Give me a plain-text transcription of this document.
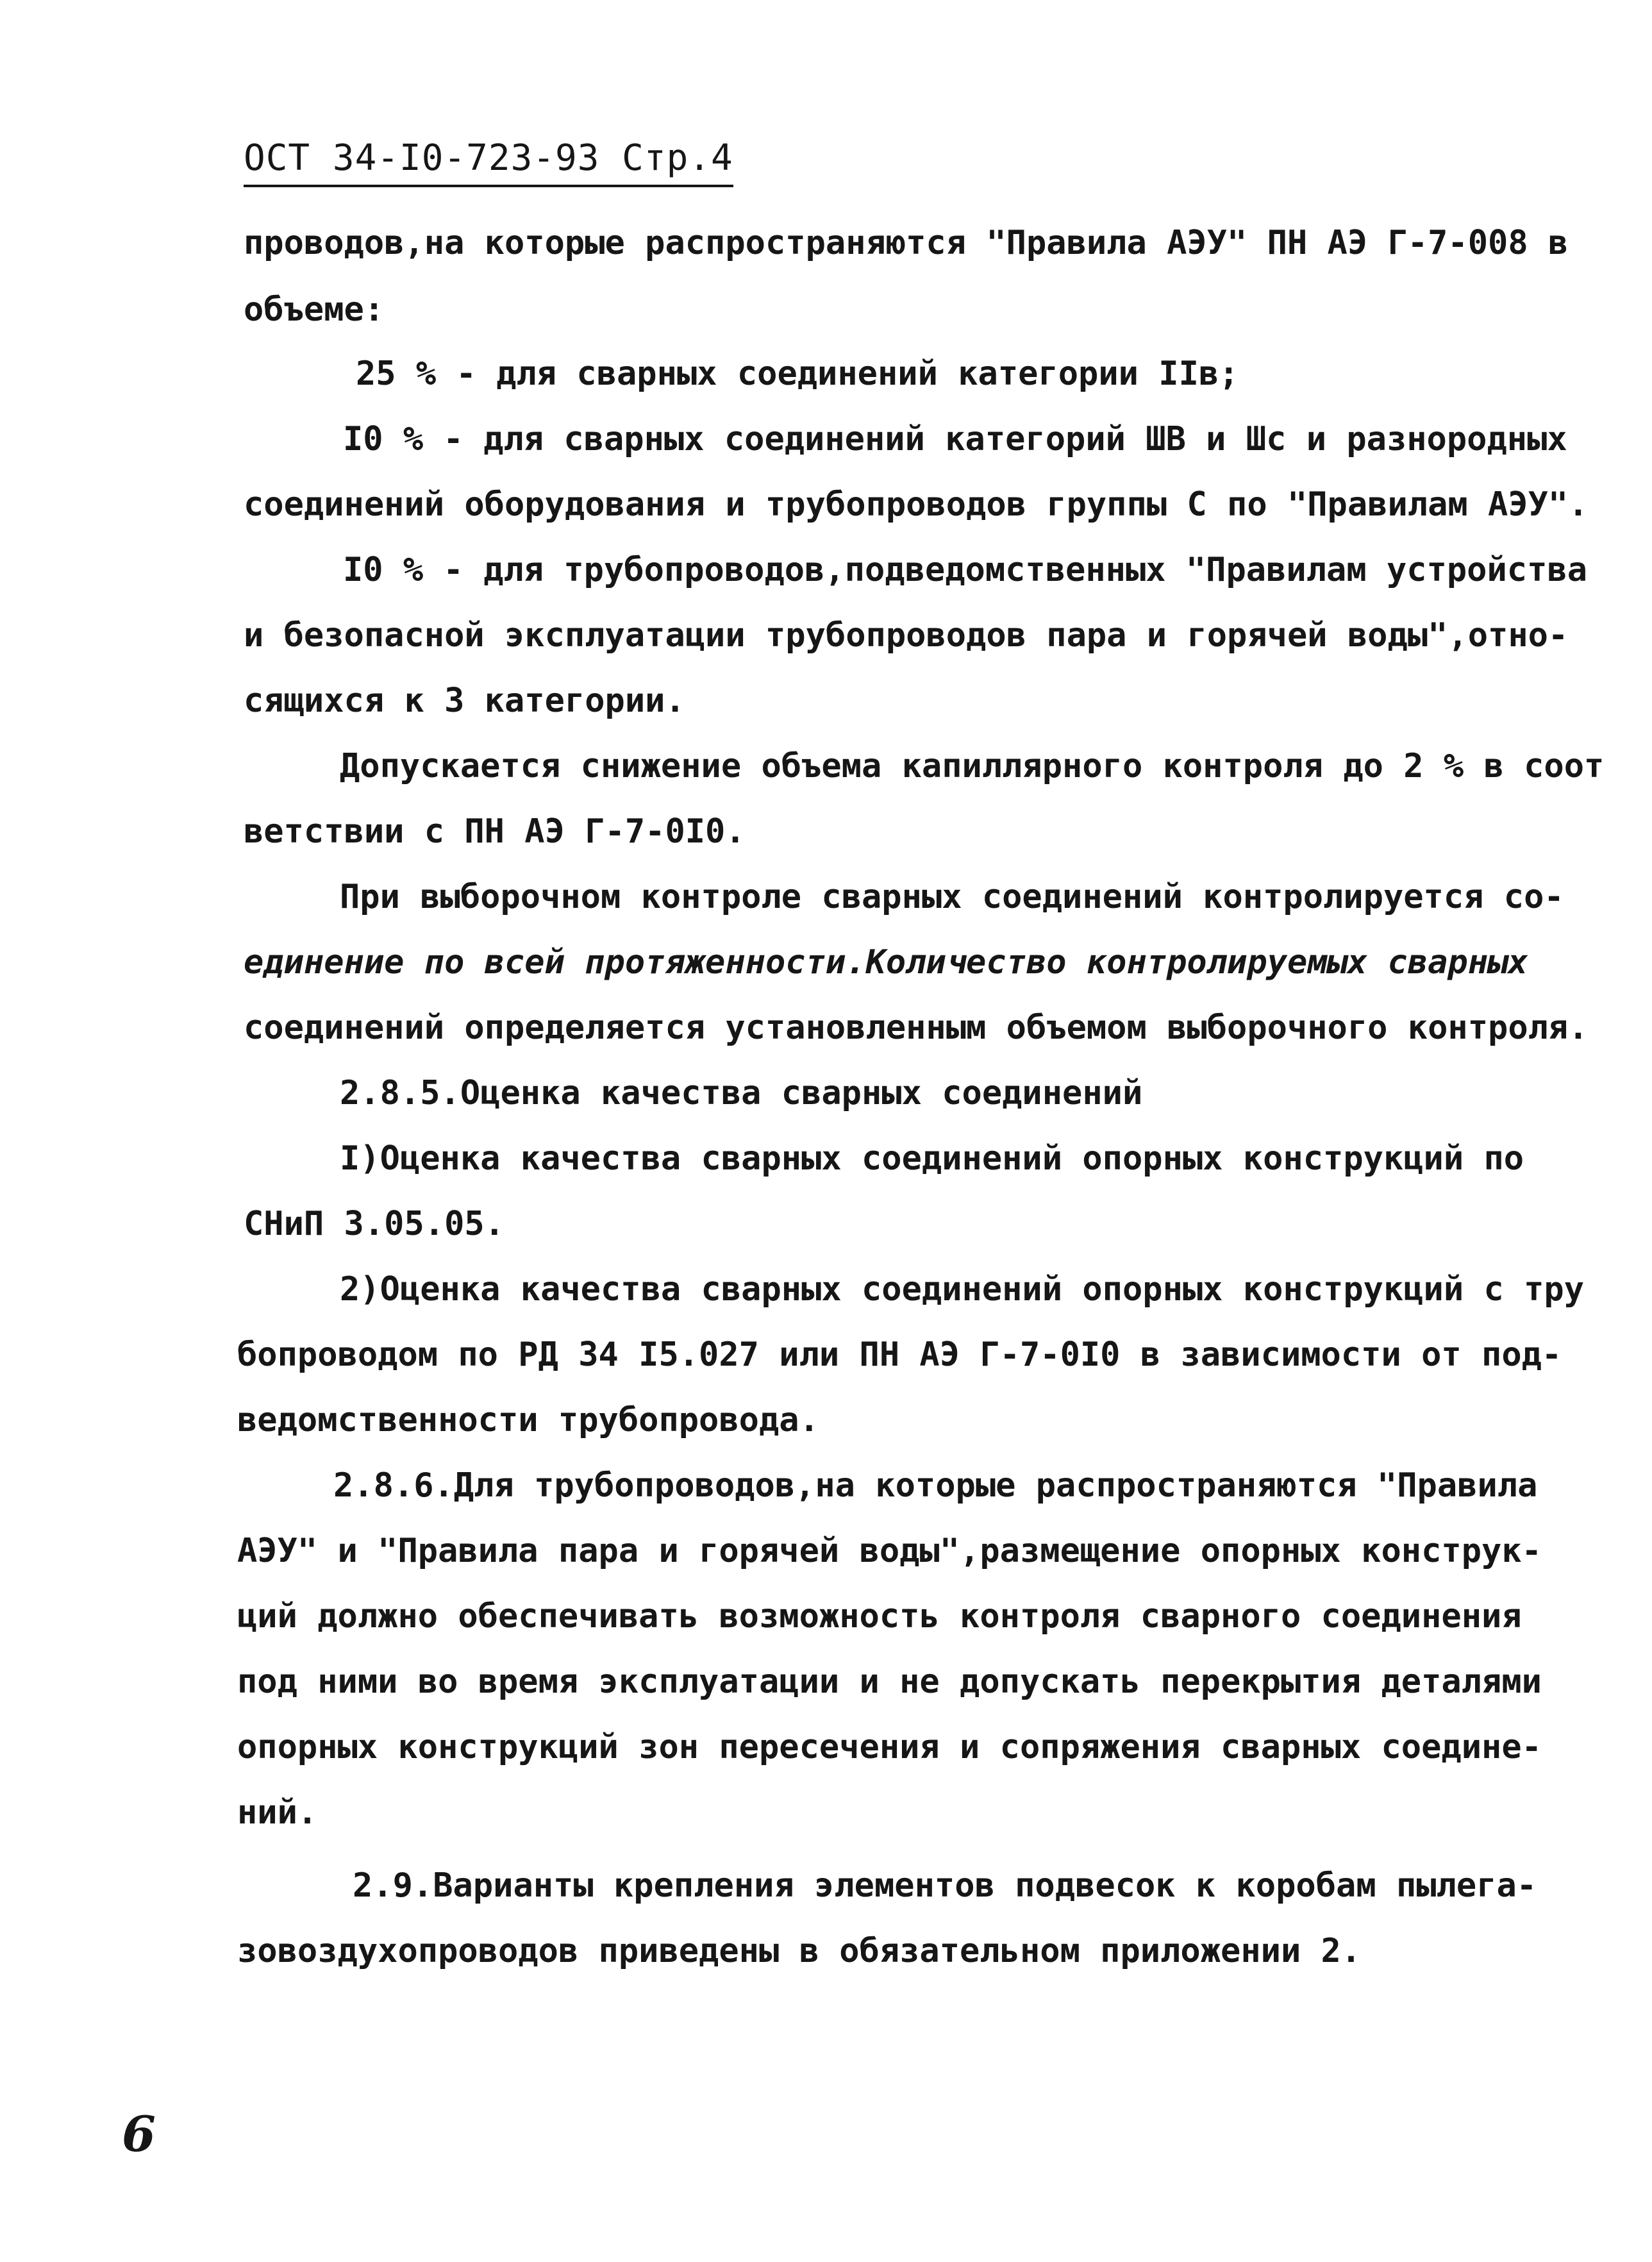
ОСТ 34-I0-723-93 Стр.4
проводов,на которые распространяются "Правила АЭУ" ПН АЭ Г-7-008 в
объеме:
25 % - для сварных соединений категории IIв;
I0 % - для сварных соединений категорий ШВ и Шс и разнородных
соединений оборудования и трубопроводов группы С по "Правилам АЭУ".
I0 % - для трубопроводов,подведомственных "Правилам устройства
и безопасной эксплуатации трубопроводов пара и горячей воды",отно-
сящихся к 3 категории.
Допускается снижение объема капиллярного контроля до 2 % в соот
ветствии с ПН АЭ Г-7-0I0.
При выборочном контроле сварных соединений контролируется со-
единение по всей протяженности.Количество контролируемых сварных
соединений определяется установленным объемом выборочного контроля.
2.8.5.Оценка качества сварных соединений
I)Оценка качества сварных соединений опорных конструкций по
СНиП 3.05.05.
2)Оценка качества сварных соединений опорных конструкций с тру
бопроводом по РД 34 I5.027 или ПН АЭ Г-7-0I0 в зависимости от под-
ведомственности трубопровода.
2.8.6.Для трубопроводов,на которые распространяются "Правила
АЭУ" и "Правила пара и горячей воды",размещение опорных конструк-
ций должно обеспечивать возможность контроля сварного соединения
под ними во время эксплуатации и не допускать перекрытия деталями
опорных конструкций зон пересечения и сопряжения сварных соедине-
ний.
2.9.Варианты крепления элементов подвесок к коробам пылега-
зовоздухопроводов приведены в обязательном приложении 2.
6
